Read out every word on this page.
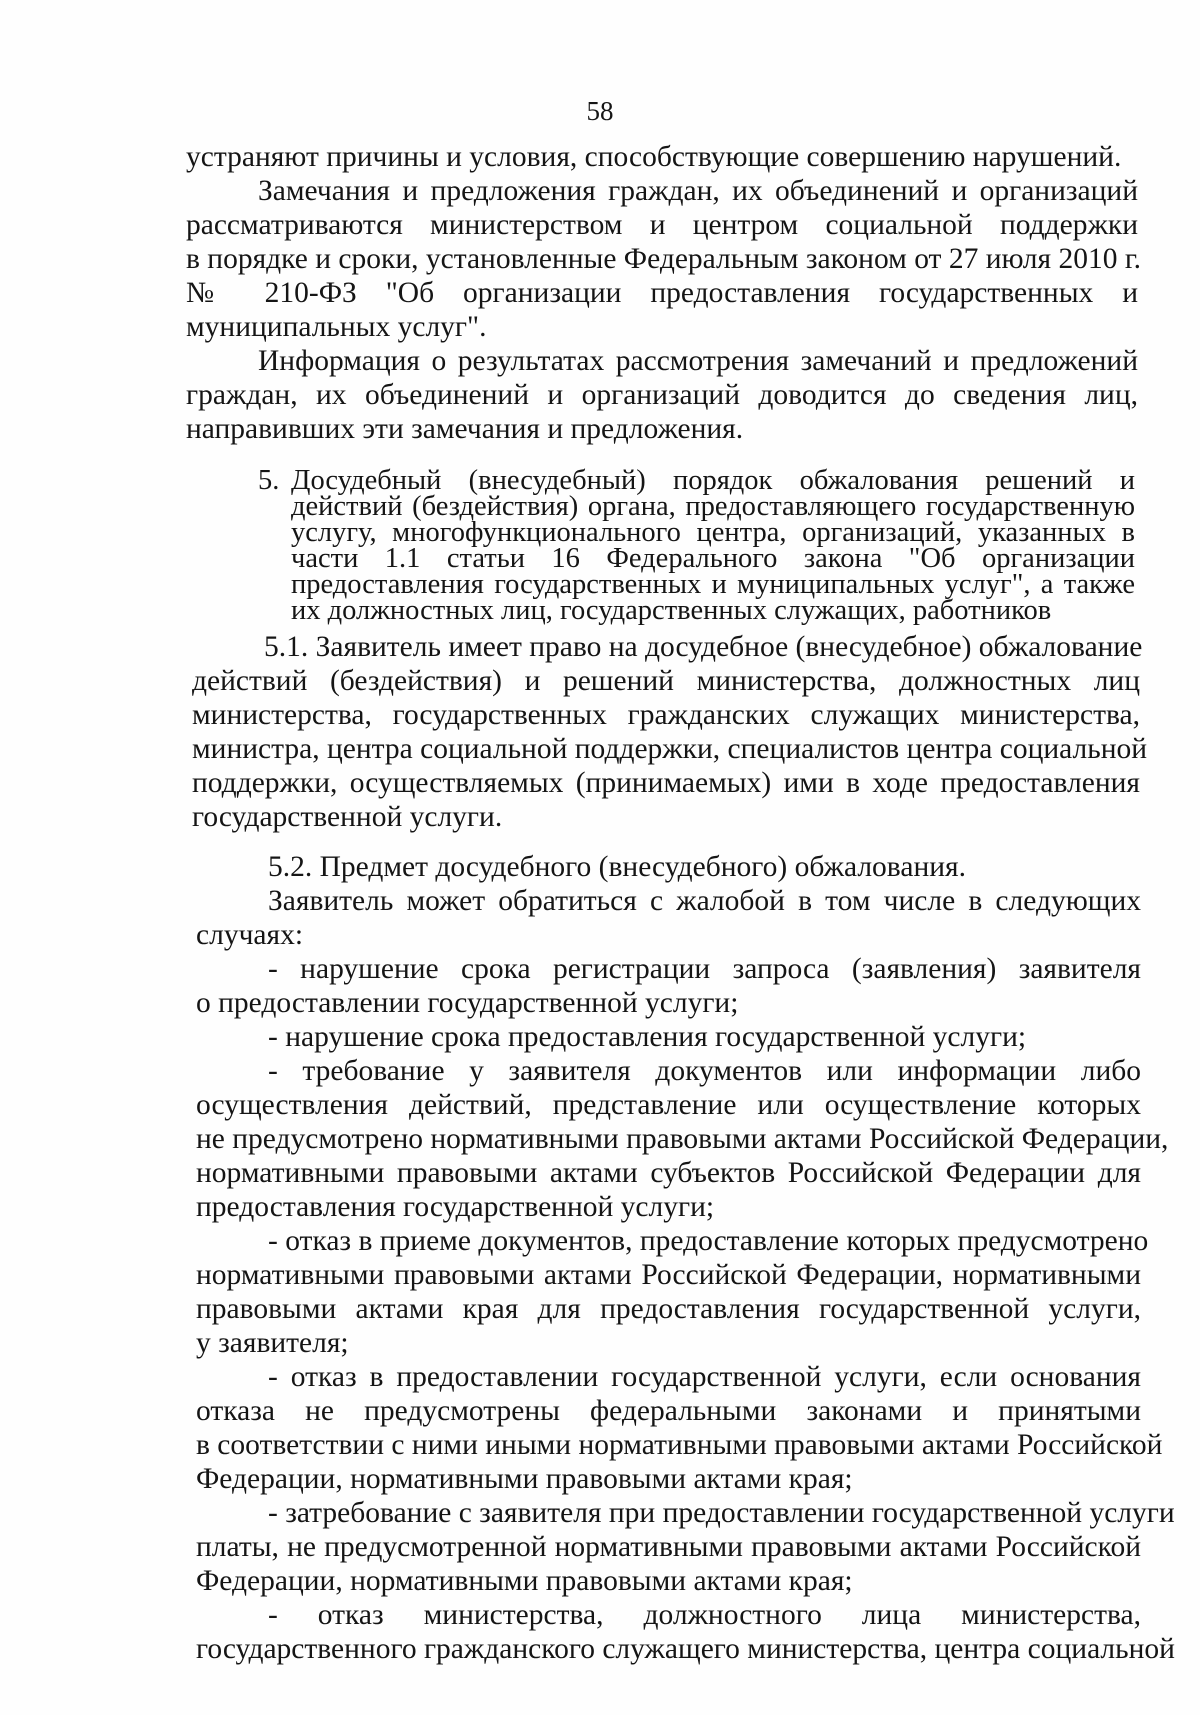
58
устраняют причины и условия, способствующие совершению нарушений.
Замечания и предложения граждан, их объединений и организаций
рассматриваются министерством и центром социальной поддержки
в порядке и сроки, установленные Федеральным законом от 27 июля 2010 г.
№ 210-ФЗ "Об организации предоставления государственных и
муниципальных услуг".
Информация о результатах рассмотрения замечаний и предложений
граждан, их объединений и организаций доводится до сведения лиц,
направивших эти замечания и предложения.
5. Досудебный (внесудебный) порядок обжалования решений и
действий (бездействия) органа, предоставляющего государственную
услугу, многофункционального центра, организаций, указанных в
части 1.1 статьи 16 Федерального закона "Об организации
предоставления государственных и муниципальных услуг", а также
их должностных лиц, государственных служащих, работников
5.1. Заявитель имеет право на досудебное (внесудебное) обжалование
действий (бездействия) и решений министерства, должностных лиц
министерства, государственных гражданских служащих министерства,
министра, центра социальной поддержки, специалистов центра социальной
поддержки, осуществляемых (принимаемых) ими в ходе предоставления
государственной услуги.
5.2. Предмет досудебного (внесудебного) обжалования.
Заявитель может обратиться с жалобой в том числе в следующих
случаях:
- нарушение срока регистрации запроса (заявления) заявителя
о предоставлении государственной услуги;
- нарушение срока предоставления государственной услуги;
- требование у заявителя документов или информации либо
осуществления действий, представление или осуществление которых
не предусмотрено нормативными правовыми актами Российской Федерации,
нормативными правовыми актами субъектов Российской Федерации для
предоставления государственной услуги;
- отказ в приеме документов, предоставление которых предусмотрено
нормативными правовыми актами Российской Федерации, нормативными
правовыми актами края для предоставления государственной услуги,
у заявителя;
- отказ в предоставлении государственной услуги, если основания
отказа не предусмотрены федеральными законами и принятыми
в соответствии с ними иными нормативными правовыми актами Российской
Федерации, нормативными правовыми актами края;
- затребование с заявителя при предоставлении государственной услуги
платы, не предусмотренной нормативными правовыми актами Российской
Федерации, нормативными правовыми актами края;
- отказ министерства, должностного лица министерства,
государственного гражданского служащего министерства, центра социальной
